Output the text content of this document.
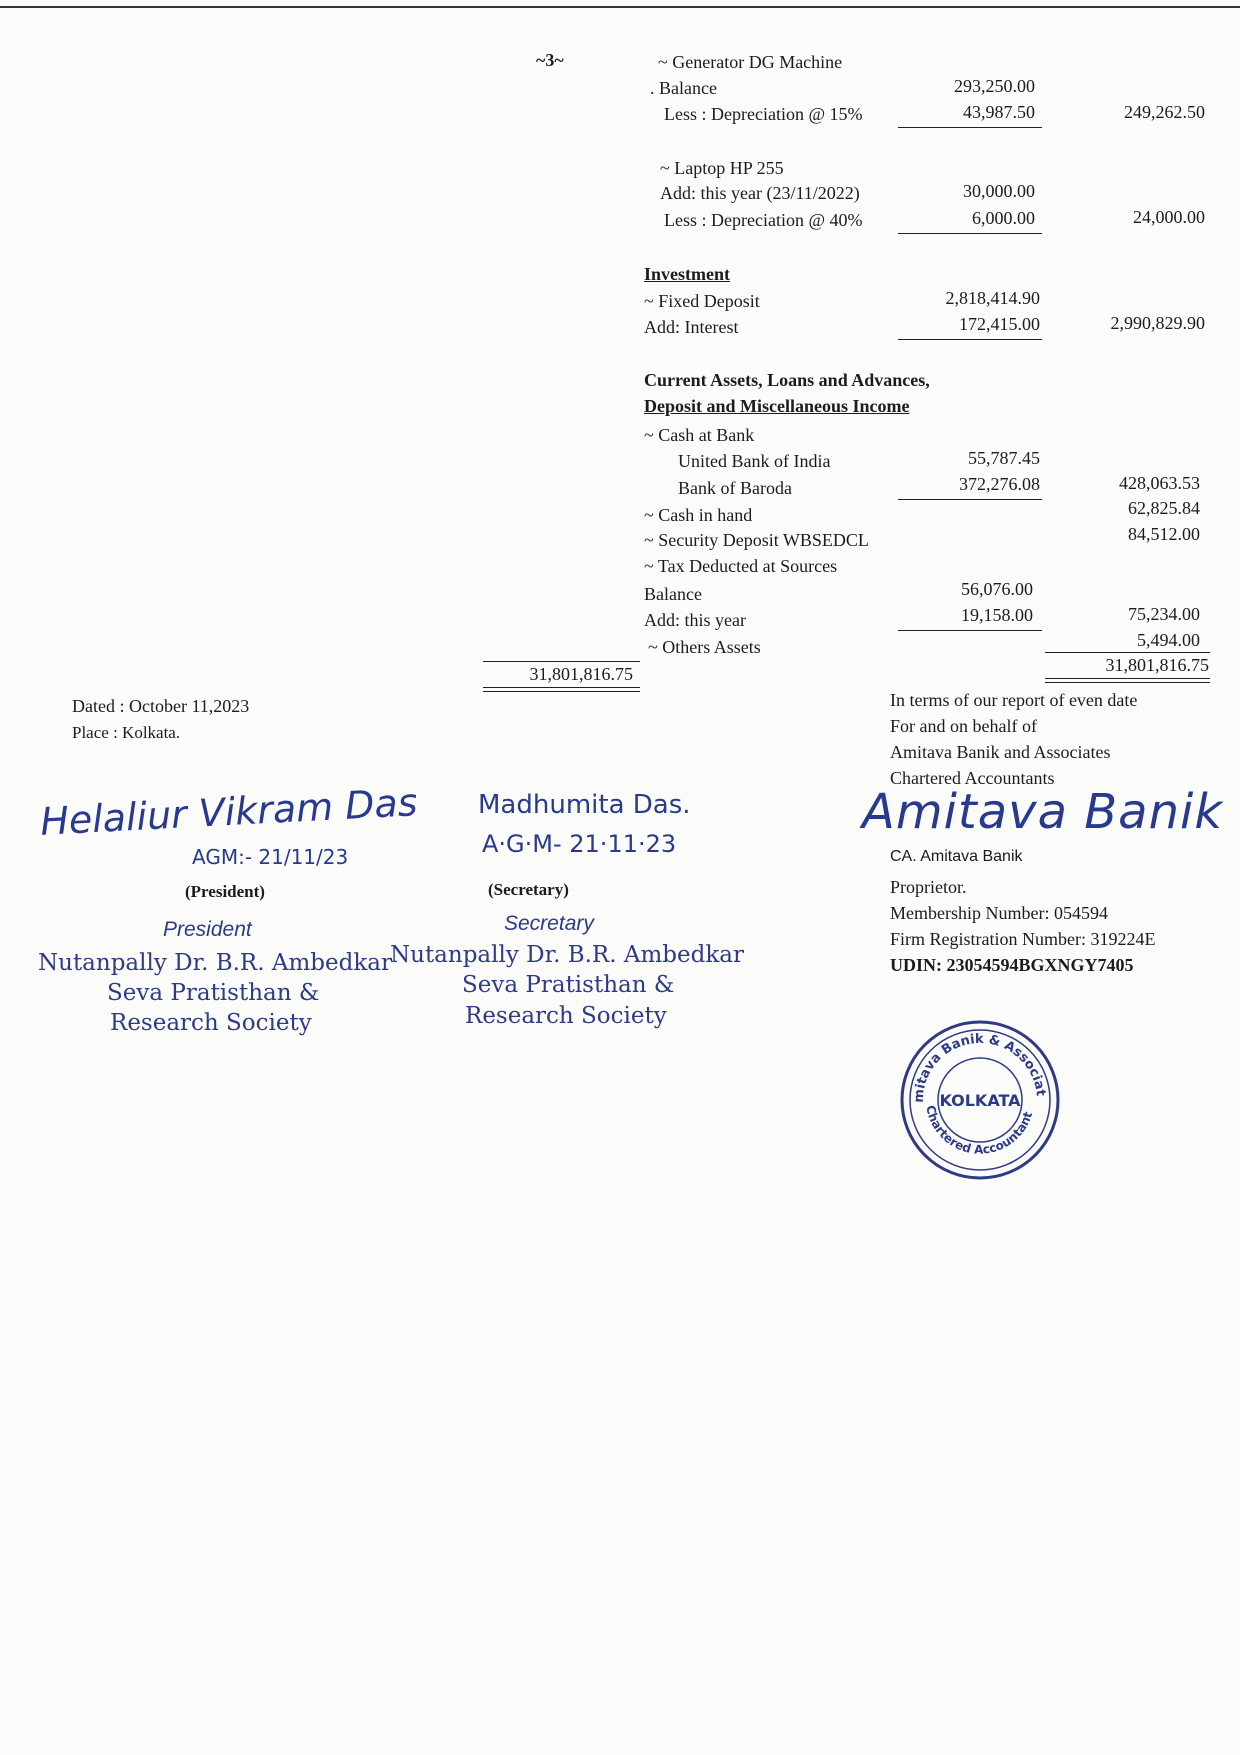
~3~	~ Generator DG Machine
. Balance	293,250.00
Less : Depreciation @ 15%	43,987.50	249,262.50
~ Laptop HP 255
Add: this year (23/11/2022)	30,000.00
Less : Depreciation @ 40%	6,000.00	24,000.00
Investment
~ Fixed Deposit	2,818,414.90
Add: Interest	172,415.00	2,990,829.90
Current Assets, Loans and Advances,
Deposit and Miscellaneous Income
~ Cash at Bank
United Bank of India	55,787.45
Bank of Baroda	372,276.08	428,063.53
~ Cash in hand	62,825.84
~ Security Deposit WBSEDCL	84,512.00
~ Tax Deducted at Sources
Balance	56,076.00
Add: this year	19,158.00	75,234.00
~ Others Assets	5,494.00
31,801,816.75
31,801,816.75
Dated : October 11,2023
Place : Kolkata.
In terms of our report of even date
For and on behalf of
Amitava Banik and Associates
Chartered Accountants
Amitava Banik
CA. Amitava Banik
Proprietor.
Membership Number: 054594
Firm Registration Number: 319224E
UDIN: 23054594BGXNGY7405
Helaliur Vikram Das
AGM:- 21/11/23
(President)
President
Nutanpally Dr. B.R. Ambedkar
Seva Pratisthan &
Research Society
Madhumita Das.
A·G·M- 21·11·23
(Secretary)
Secretary
Nutanpally Dr. B.R. Ambedkar
Seva Pratisthan &
Research Society
mitava Banik & Associat
Chartered Accountant
KOLKATA
